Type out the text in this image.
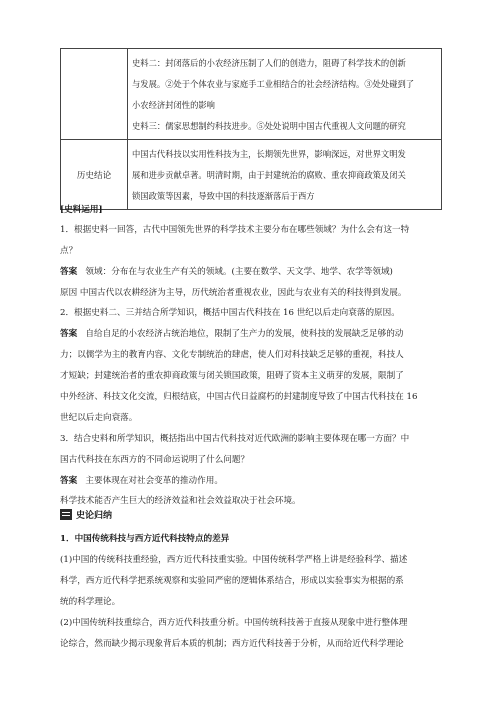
	史料二：封闭落后的小农经济压制了人们的创造力，阻碍了科学技术的创新
与发展。②处于个体农业与家庭手工业相结合的社会经济结构。③处处碰到了
小农经济封闭性的影响
史料三：儒家思想制约科技进步。⑤处处说明中国古代重视人文问题的研究

历史结论	中国古代科技以实用性科技为主，长期领先世界，影响深远，对世界文明发
展和进步贡献卓著。明清时期，由于封建统治的腐败、重农抑商政策及闭关
锁国政策等因素，导致中国的科技逐渐落后于西方
[史料运用]
1．根据史料一回答，古代中国领先世界的科学技术主要分布在哪些领域？为什么会有这一特
点？
答案 领域：分布在与农业生产有关的领域。(主要在数学、天文学、地学、农学等领域)
原因 中国古代以农耕经济为主导，历代统治者重视农业，因此与农业有关的科技得到发展。
2．根据史料二、三并结合所学知识，概括中国古代科技在 16 世纪以后走向衰落的原因。
答案 自给自足的小农经济占统治地位，限制了生产力的发展，使科技的发展缺乏足够的动
力；以儒学为主的教育内容、文化专制统治的肆虐，使人们对科技缺乏足够的重视，科技人
才短缺；封建统治者的重农抑商政策与闭关锁国政策，阻碍了资本主义萌芽的发展，限制了
中外经济、科技文化交流，归根结底，中国古代日益腐朽的封建制度导致了中国古代科技在 16
世纪以后走向衰落。
3．结合史料和所学知识，概括指出中国古代科技对近代欧洲的影响主要体现在哪一方面？中
国古代科技在东西方的不同命运说明了什么问题？
答案 主要体现在对社会变革的推动作用。
科学技术能否产生巨大的经济效益和社会效益取决于社会环境。
史论归纳
1．中国传统科技与西方近代科技特点的差异
(1)中国的传统科技重经验，西方近代科技重实验。中国传统科学严格上讲是经验科学、描述
科学，西方近代科学把系统观察和实验同严密的逻辑体系结合，形成以实验事实为根据的系
统的科学理论。
(2)中国传统科技重综合，西方近代科技重分析。中国传统科技善于直接从现象中进行整体理
论综合，然而缺少揭示现象背后本质的机制；西方近代科技善于分析，从而给近代科学理论
